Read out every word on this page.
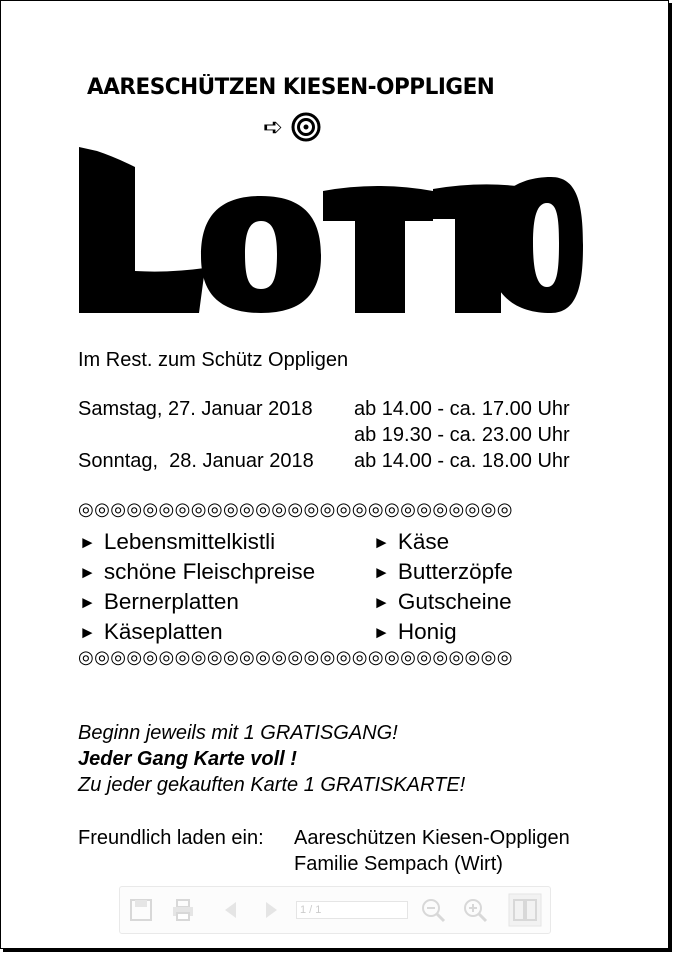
AARESCHÜTZEN KIESEN-OPPLIGEN
➪
Im Rest. zum Schütz Oppligen
Samstag, 27. Januar 2018 ab 14.00 - ca. 17.00 Uhr
ab 19.30 - ca. 23.00 Uhr
Sonntag,  28. Januar 2018 ab 14.00 - ca. 18.00 Uhr
◎◎◎◎◎◎◎◎◎◎◎◎◎◎◎◎◎◎◎◎◎◎◎◎◎◎◎
► Lebensmittelkistli
► schöne Fleischpreise
► Bernerplatten
► Käseplatten
► Käse
► Butterzöpfe
► Gutscheine
► Honig
◎◎◎◎◎◎◎◎◎◎◎◎◎◎◎◎◎◎◎◎◎◎◎◎◎◎◎
Beginn jeweils mit 1 GRATISGANG!
Jeder Gang Karte voll !
Zu jeder gekauften Karte 1 GRATISKARTE!
Freundlich laden ein: Aareschützen Kiesen-Oppligen
Familie Sempach (Wirt)
1 / 1
